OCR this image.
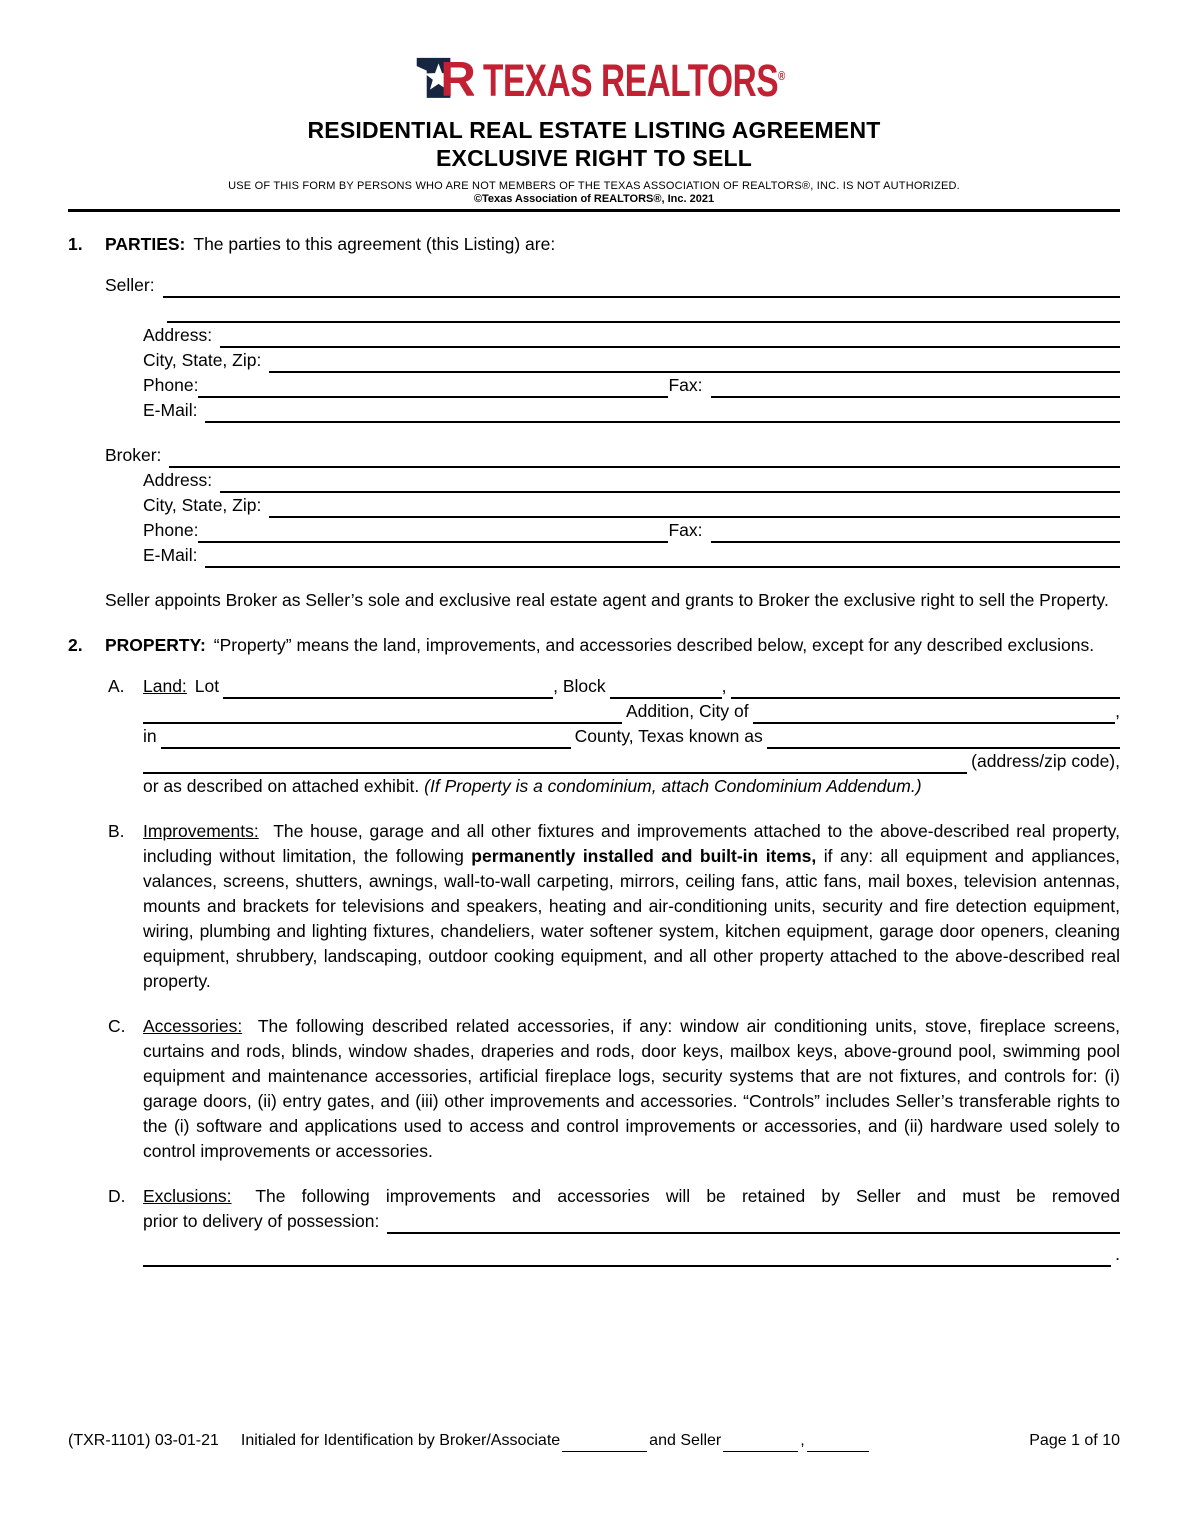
R TEXAS REALTORS®
RESIDENTIAL REAL ESTATE LISTING AGREEMENT
EXCLUSIVE RIGHT TO SELL
USE OF THIS FORM BY PERSONS WHO ARE NOT MEMBERS OF THE TEXAS ASSOCIATION OF REALTORS®, INC. IS NOT AUTHORIZED.
©Texas Association of REALTORS®, Inc. 2021
1.	PARTIES: The parties to this agreement (this Listing) are:
Seller:
Address:
City, State, Zip:
Phone:	Fax:
E-Mail:
Broker:
Address:
City, State, Zip:
Phone:	Fax:
E-Mail:
Seller appoints Broker as Seller’s sole and exclusive real estate agent and grants to Broker the exclusive right to sell the Property.
2.	PROPERTY: “Property” means the land, improvements, and accessories described below, except for any described exclusions.
A.	Land: Lot	, Block	,
Addition, City of	,
in	County, Texas known as
(address/zip code),
or as described on attached exhibit. (If Property is a condominium, attach Condominium Addendum.)
B.	Improvements: The house, garage and all other fixtures and improvements attached to the above-described real property, including without limitation, the following permanently installed and built-in items, if any: all equipment and appliances, valances, screens, shutters, awnings, wall-to-wall carpeting, mirrors, ceiling fans, attic fans, mail boxes, television antennas, mounts and brackets for televisions and speakers, heating and air-conditioning units, security and fire detection equipment, wiring, plumbing and lighting fixtures, chandeliers, water softener system, kitchen equipment, garage door openers, cleaning equipment, shrubbery, landscaping, outdoor cooking equipment, and all other property attached to the above-described real property.
C.	Accessories: The following described related accessories, if any: window air conditioning units, stove, fireplace screens, curtains and rods, blinds, window shades, draperies and rods, door keys, mailbox keys, above-ground pool, swimming pool equipment and maintenance accessories, artificial fireplace logs, security systems that are not fixtures, and controls for: (i) garage doors, (ii) entry gates, and (iii) other improvements and accessories. “Controls” includes Seller’s transferable rights to the (i) software and applications used to access and control improvements or accessories, and (ii) hardware used solely to control improvements or accessories.
D.	Exclusions: The following improvements and accessories will be retained by Seller and must be removed
prior to delivery of possession:
.
(TXR-1101) 03-01-21 Initialed for Identification by Broker/Associate	and Seller	,	Page 1 of 10
